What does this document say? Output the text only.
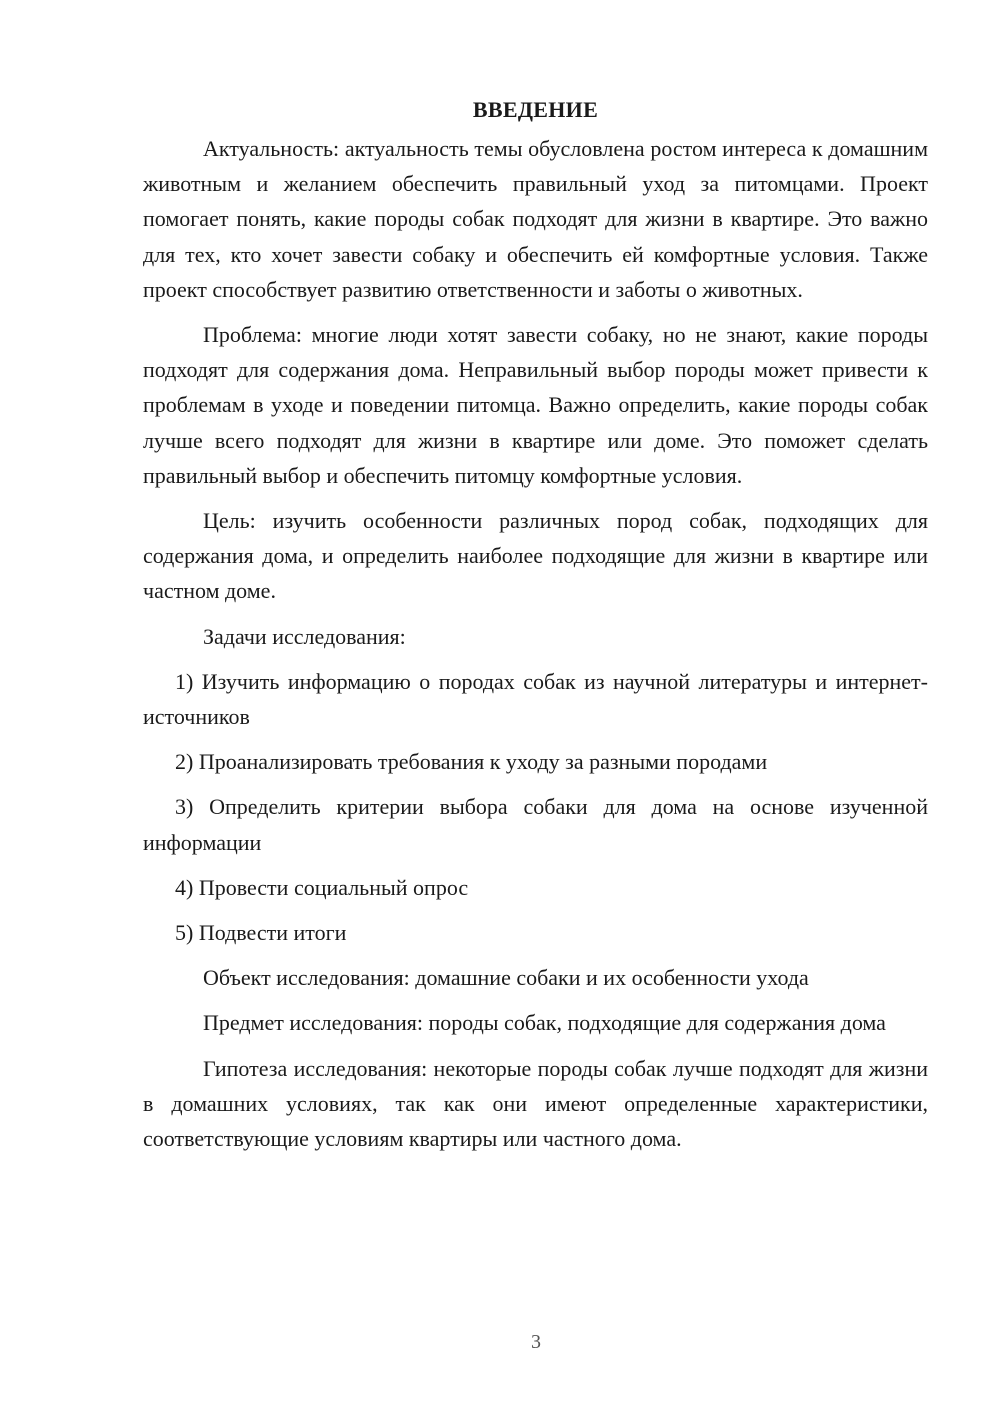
ВВЕДЕНИЕ

Актуальность: актуальность темы обусловлена ростом интереса к домашним животным и желанием обеспечить правильный уход за питомцами. Проект помогает понять, какие породы собак подходят для жизни в квартире. Это важно для тех, кто хочет завести собаку и обеспечить ей комфортные условия. Также проект способствует развитию ответственности и заботы о животных.

Проблема: многие люди хотят завести собаку, но не знают, какие породы подходят для содержания дома. Неправильный выбор породы может привести к проблемам в уходе и поведении питомца. Важно определить, какие породы собак лучше всего подходят для жизни в квартире или доме. Это поможет сделать правильный выбор и обеспечить питомцу комфортные условия.

Цель: изучить особенности различных пород собак, подходящих для содержания дома, и определить наиболее подходящие для жизни в квартире или частном доме.

Задачи исследования:

1) Изучить информацию о породах собак из научной литературы и интернет-источников

2) Проанализировать требования к уходу за разными породами

3) Определить критерии выбора собаки для дома на основе изученной информации

4) Провести социальный опрос

5) Подвести итоги

Объект исследования: домашние собаки и их особенности ухода

Предмет исследования: породы собак, подходящие для содержания дома

Гипотеза исследования: некоторые породы собак лучше подходят для жизни в домашних условиях, так как они имеют определенные характеристики, соответствующие условиям квартиры или частного дома.

3
